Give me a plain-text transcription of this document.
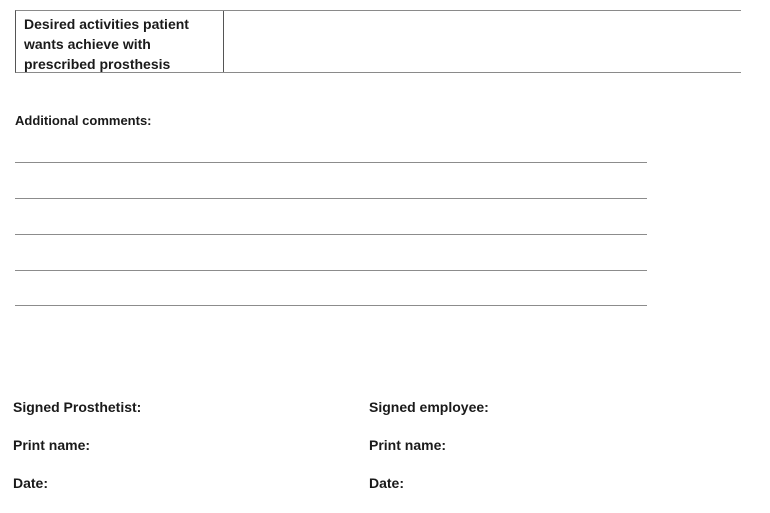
Desired activities patient
wants achieve with
prescribed prosthesis
Additional comments:
Signed Prosthetist:
Print name:
Date:
Signed employee:
Print name:
Date:
